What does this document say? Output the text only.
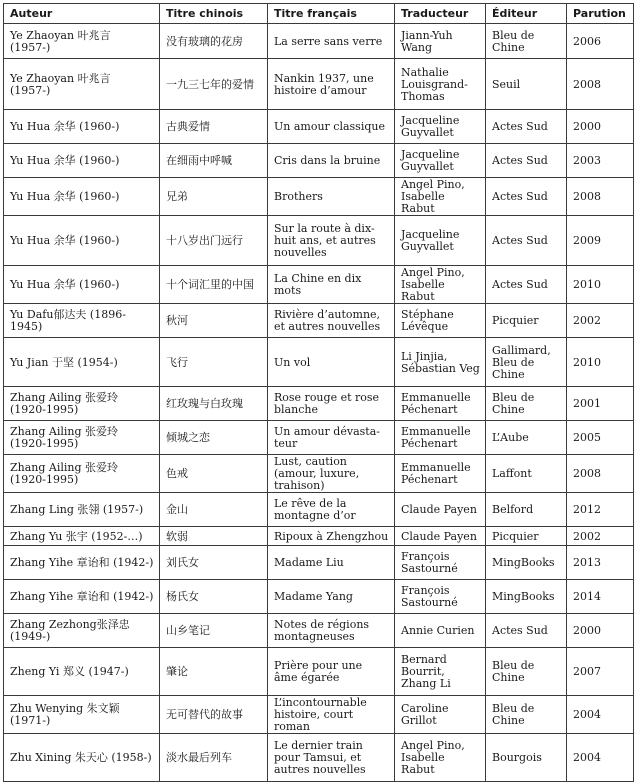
Auteur	Titre chinois	Titre français	Traducteur	Éditeur	Parution
Ye Zhaoyan 叶兆言 (1957-)	没有玻璃的花房	La serre sans verre	Jiann-Yuh Wang	Bleu de Chine	2006
Ye Zhaoyan 叶兆言 (1957-)	一九三七年的爱情	Nankin 1937, une histoire d’amour	Nathalie Louisgrand-Thomas	Seuil	2008
Yu Hua 余华 (1960-)	古典爱情	Un amour classique	Jacqueline Guyvallet	Actes Sud	2000
Yu Hua 余华 (1960-)	在细雨中呼喊	Cris dans la bruine	Jacqueline Guyvallet	Actes Sud	2003
Yu Hua 余华 (1960-)	兄弟	Brothers	Angel Pino, Isabelle Rabut	Actes Sud	2008
Yu Hua 余华 (1960-)	十八岁出门远行	Sur la route à dix-huit ans, et autres nouvelles	Jacqueline Guyvallet	Actes Sud	2009
Yu Hua 余华 (1960-)	十个词汇里的中国	La Chine en dix mots	Angel Pino, Isabelle Rabut	Actes Sud	2010
Yu Dafu郁达夫 (1896-1945)	秋河	Rivière d’automne, et autres nouvelles	Stéphane Lévêque	Picquier	2002
Yu Jian 于坚 (1954-)	飞行	Un vol	Li Jinjia, Sébastian Veg	Gallimard, Bleu de Chine	2010
Zhang Ailing 张爱玲 (1920-1995)	红玫瑰与白玫瑰	Rose rouge et rose blanche	Emmanuelle Péchenart	Bleu de Chine	2001
Zhang Ailing 张爱玲 (1920-1995)	倾城之恋	Un amour dévasta-teur	Emmanuelle Péchenart	L’Aube	2005
Zhang Ailing 张爱玲 (1920-1995)	色戒	Lust, caution (amour, luxure, trahison)	Emmanuelle Péchenart	Laffont	2008
Zhang Ling 张翎 (1957-)	金山	Le rêve de la montagne d’or	Claude Payen	Belford	2012
Zhang Yu 张宇 (1952-…)	软弱	Ripoux à Zhengzhou	Claude Payen	Picquier	2002
Zhang Yihe 章诒和 (1942-)	刘氏女	Madame Liu	François Sastourné	MingBooks	2013
Zhang Yihe 章诒和 (1942-)	杨氏女	Madame Yang	François Sastourné	MingBooks	2014
Zhang Zezhong张泽忠 (1949-)	山乡笔记	Notes de régions montagneuses	Annie Curien	Actes Sud	2000
Zheng Yi 郑义 (1947-)	肇论	Prière pour une âme égarée	Bernard Bourrit, Zhang Li	Bleu de Chine	2007
Zhu Wenying 朱文颖 (1971-)	无可替代的故事	L’incontournable histoire, court roman	Caroline Grillot	Bleu de Chine	2004
Zhu Xining 朱天心 (1958-)	淡水最后列车	Le dernier train pour Tamsui, et autres nouvelles	Angel Pino, Isabelle Rabut	Bourgois	2004
